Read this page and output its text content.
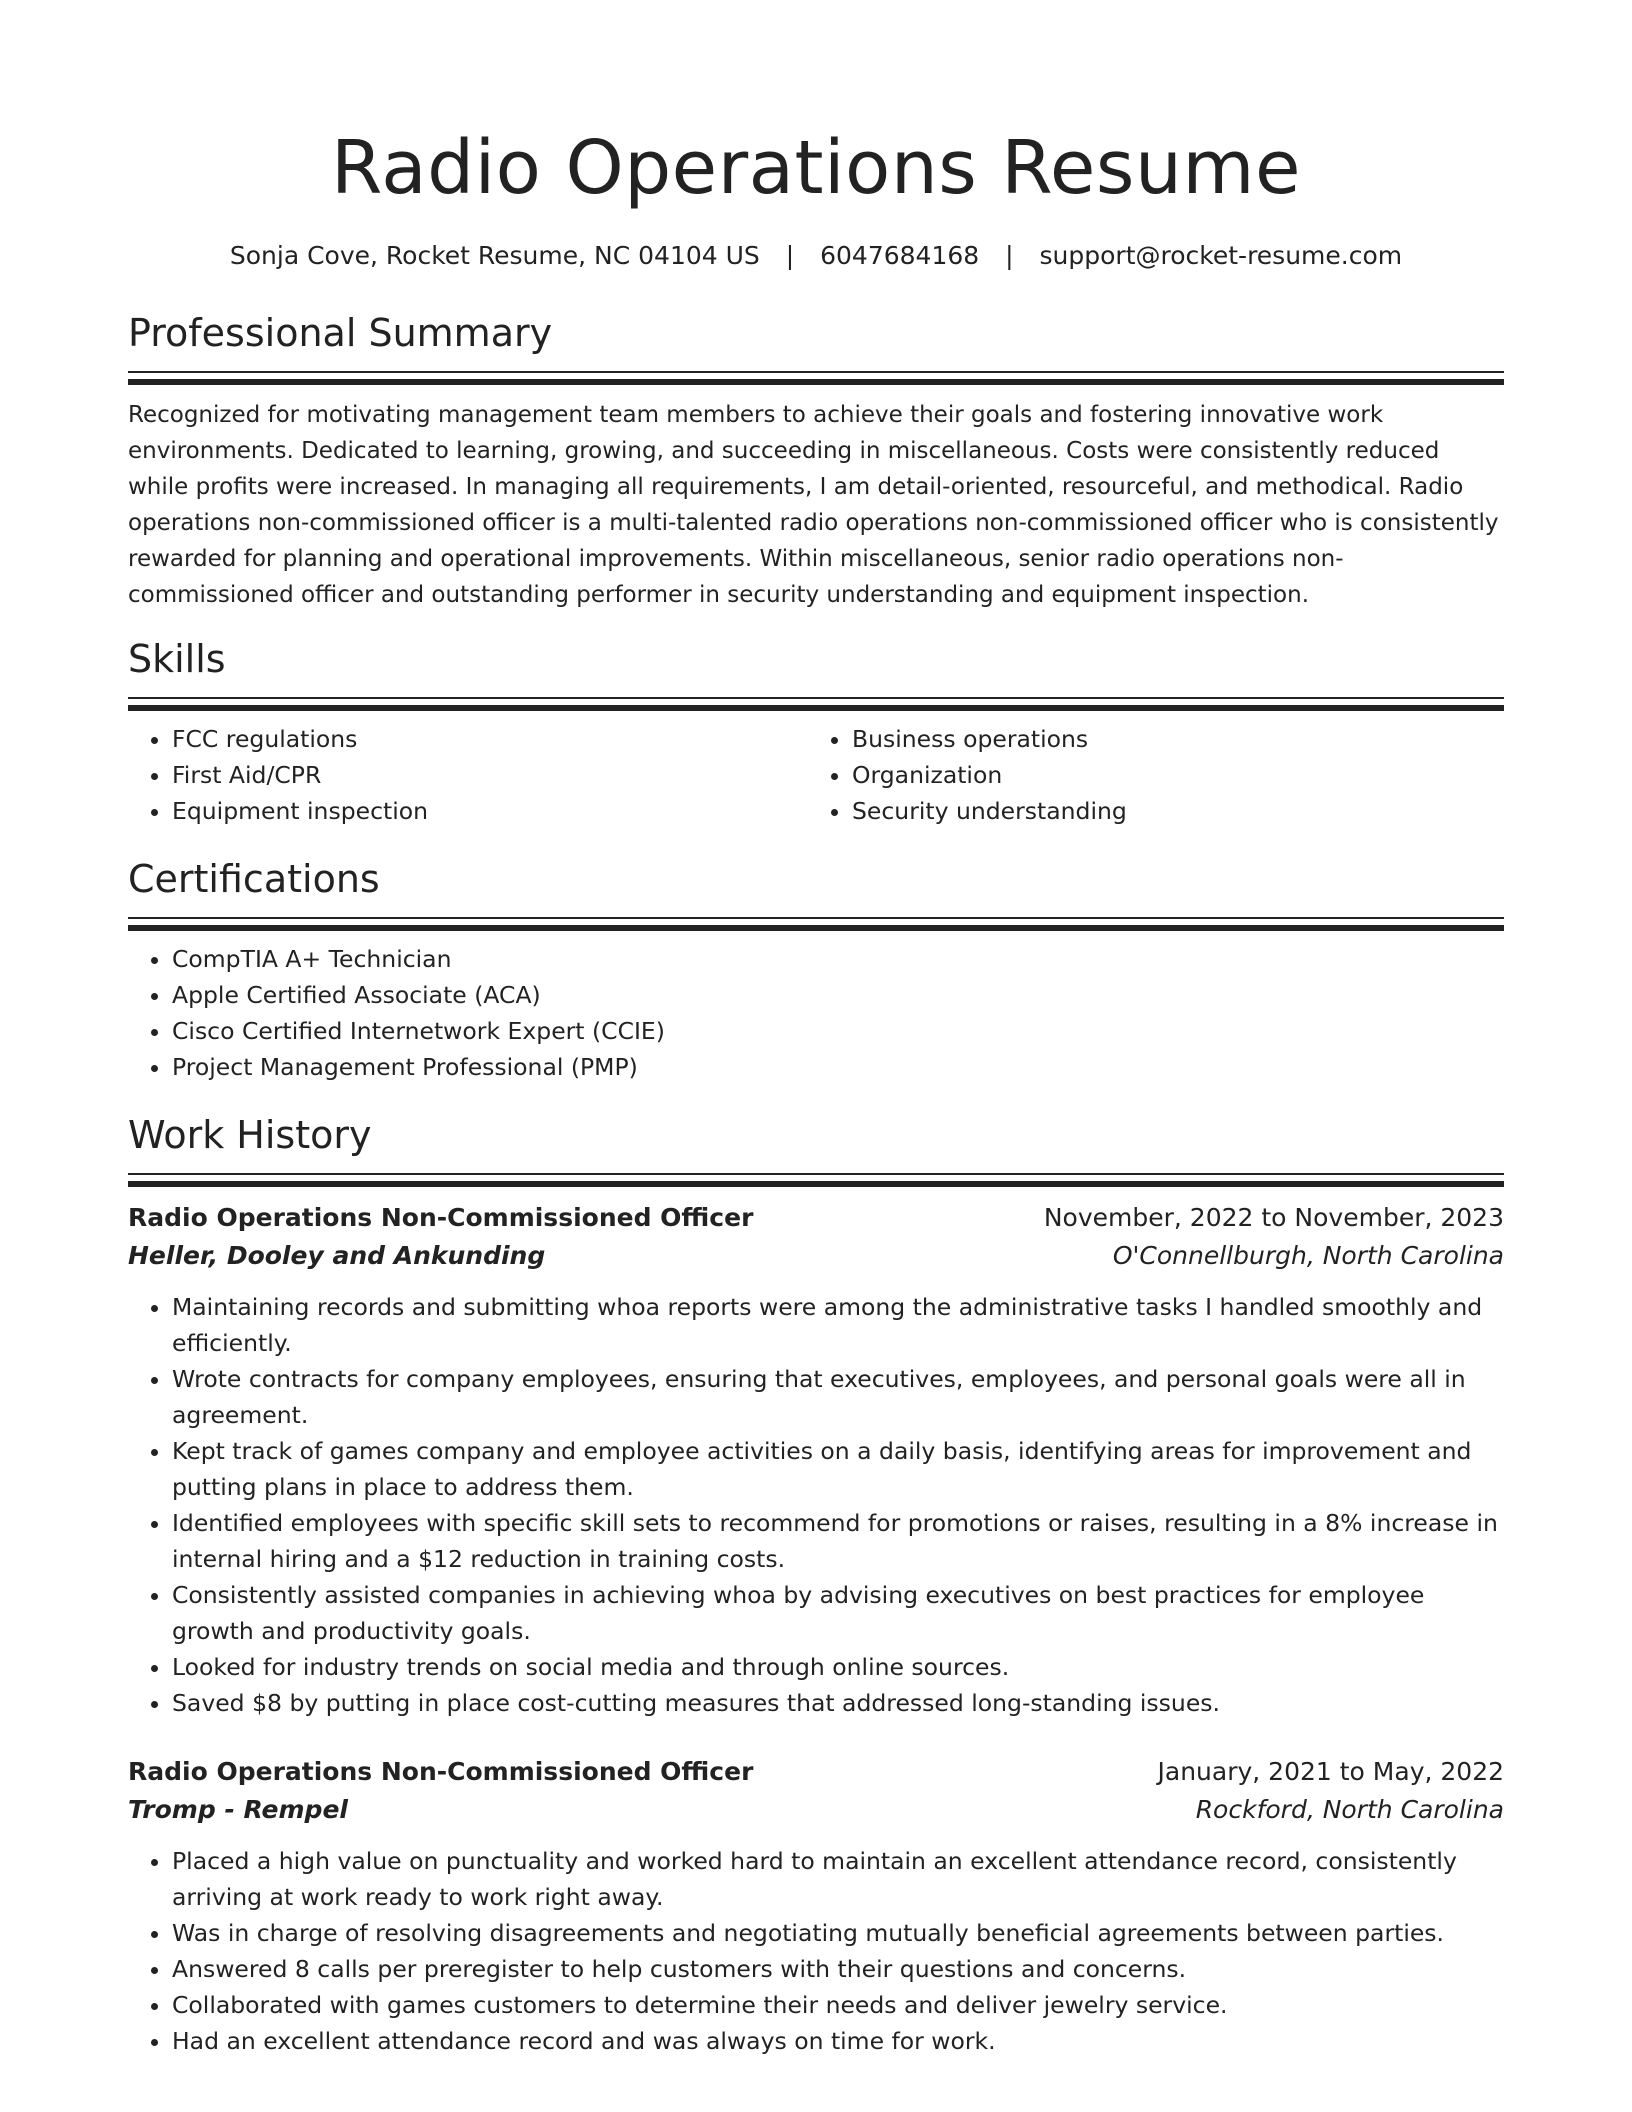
Radio Operations Resume
Sonja Cove, Rocket Resume, NC 04104 US | 6047684168 | support@rocket-resume.com
Professional Summary

Recognized for motivating management team members to achieve their goals and fostering innovative work environments. Dedicated to learning, growing, and succeeding in miscellaneous. Costs were consistently reduced while profits were increased. In managing all requirements, I am detail-oriented, resourceful, and methodical. Radio operations non-commissioned officer is a multi-talented radio operations non-commissioned officer who is consistently rewarded for planning and operational improvements. Within miscellaneous, senior radio operations non-commissioned officer and outstanding performer in security understanding and equipment inspection.

Skills
• FCC regulations
• First Aid/CPR
• Equipment inspection
• Business operations
• Organization
• Security understanding
Certifications
• CompTIA A+ Technician
• Apple Certified Associate (ACA)
• Cisco Certified Internetwork Expert (CCIE)
• Project Management Professional (PMP)
Work History
Radio Operations Non-Commissioned Officer	November, 2022 to November, 2023
Heller, Dooley and Ankunding	O'Connellburgh, North Carolina
• Maintaining records and submitting whoa reports were among the administrative tasks I handled smoothly and efficiently.
• Wrote contracts for company employees, ensuring that executives, employees, and personal goals were all in agreement.
• Kept track of games company and employee activities on a daily basis, identifying areas for improvement and putting plans in place to address them.
• Identified employees with specific skill sets to recommend for promotions or raises, resulting in a 8% increase in internal hiring and a $12 reduction in training costs.
• Consistently assisted companies in achieving whoa by advising executives on best practices for employee growth and productivity goals.
• Looked for industry trends on social media and through online sources.
• Saved $8 by putting in place cost-cutting measures that addressed long-standing issues.
Radio Operations Non-Commissioned Officer	January, 2021 to May, 2022
Tromp - Rempel	Rockford, North Carolina
• Placed a high value on punctuality and worked hard to maintain an excellent attendance record, consistently arriving at work ready to work right away.
• Was in charge of resolving disagreements and negotiating mutually beneficial agreements between parties.
• Answered 8 calls per preregister to help customers with their questions and concerns.
• Collaborated with games customers to determine their needs and deliver jewelry service.
• Had an excellent attendance record and was always on time for work.
